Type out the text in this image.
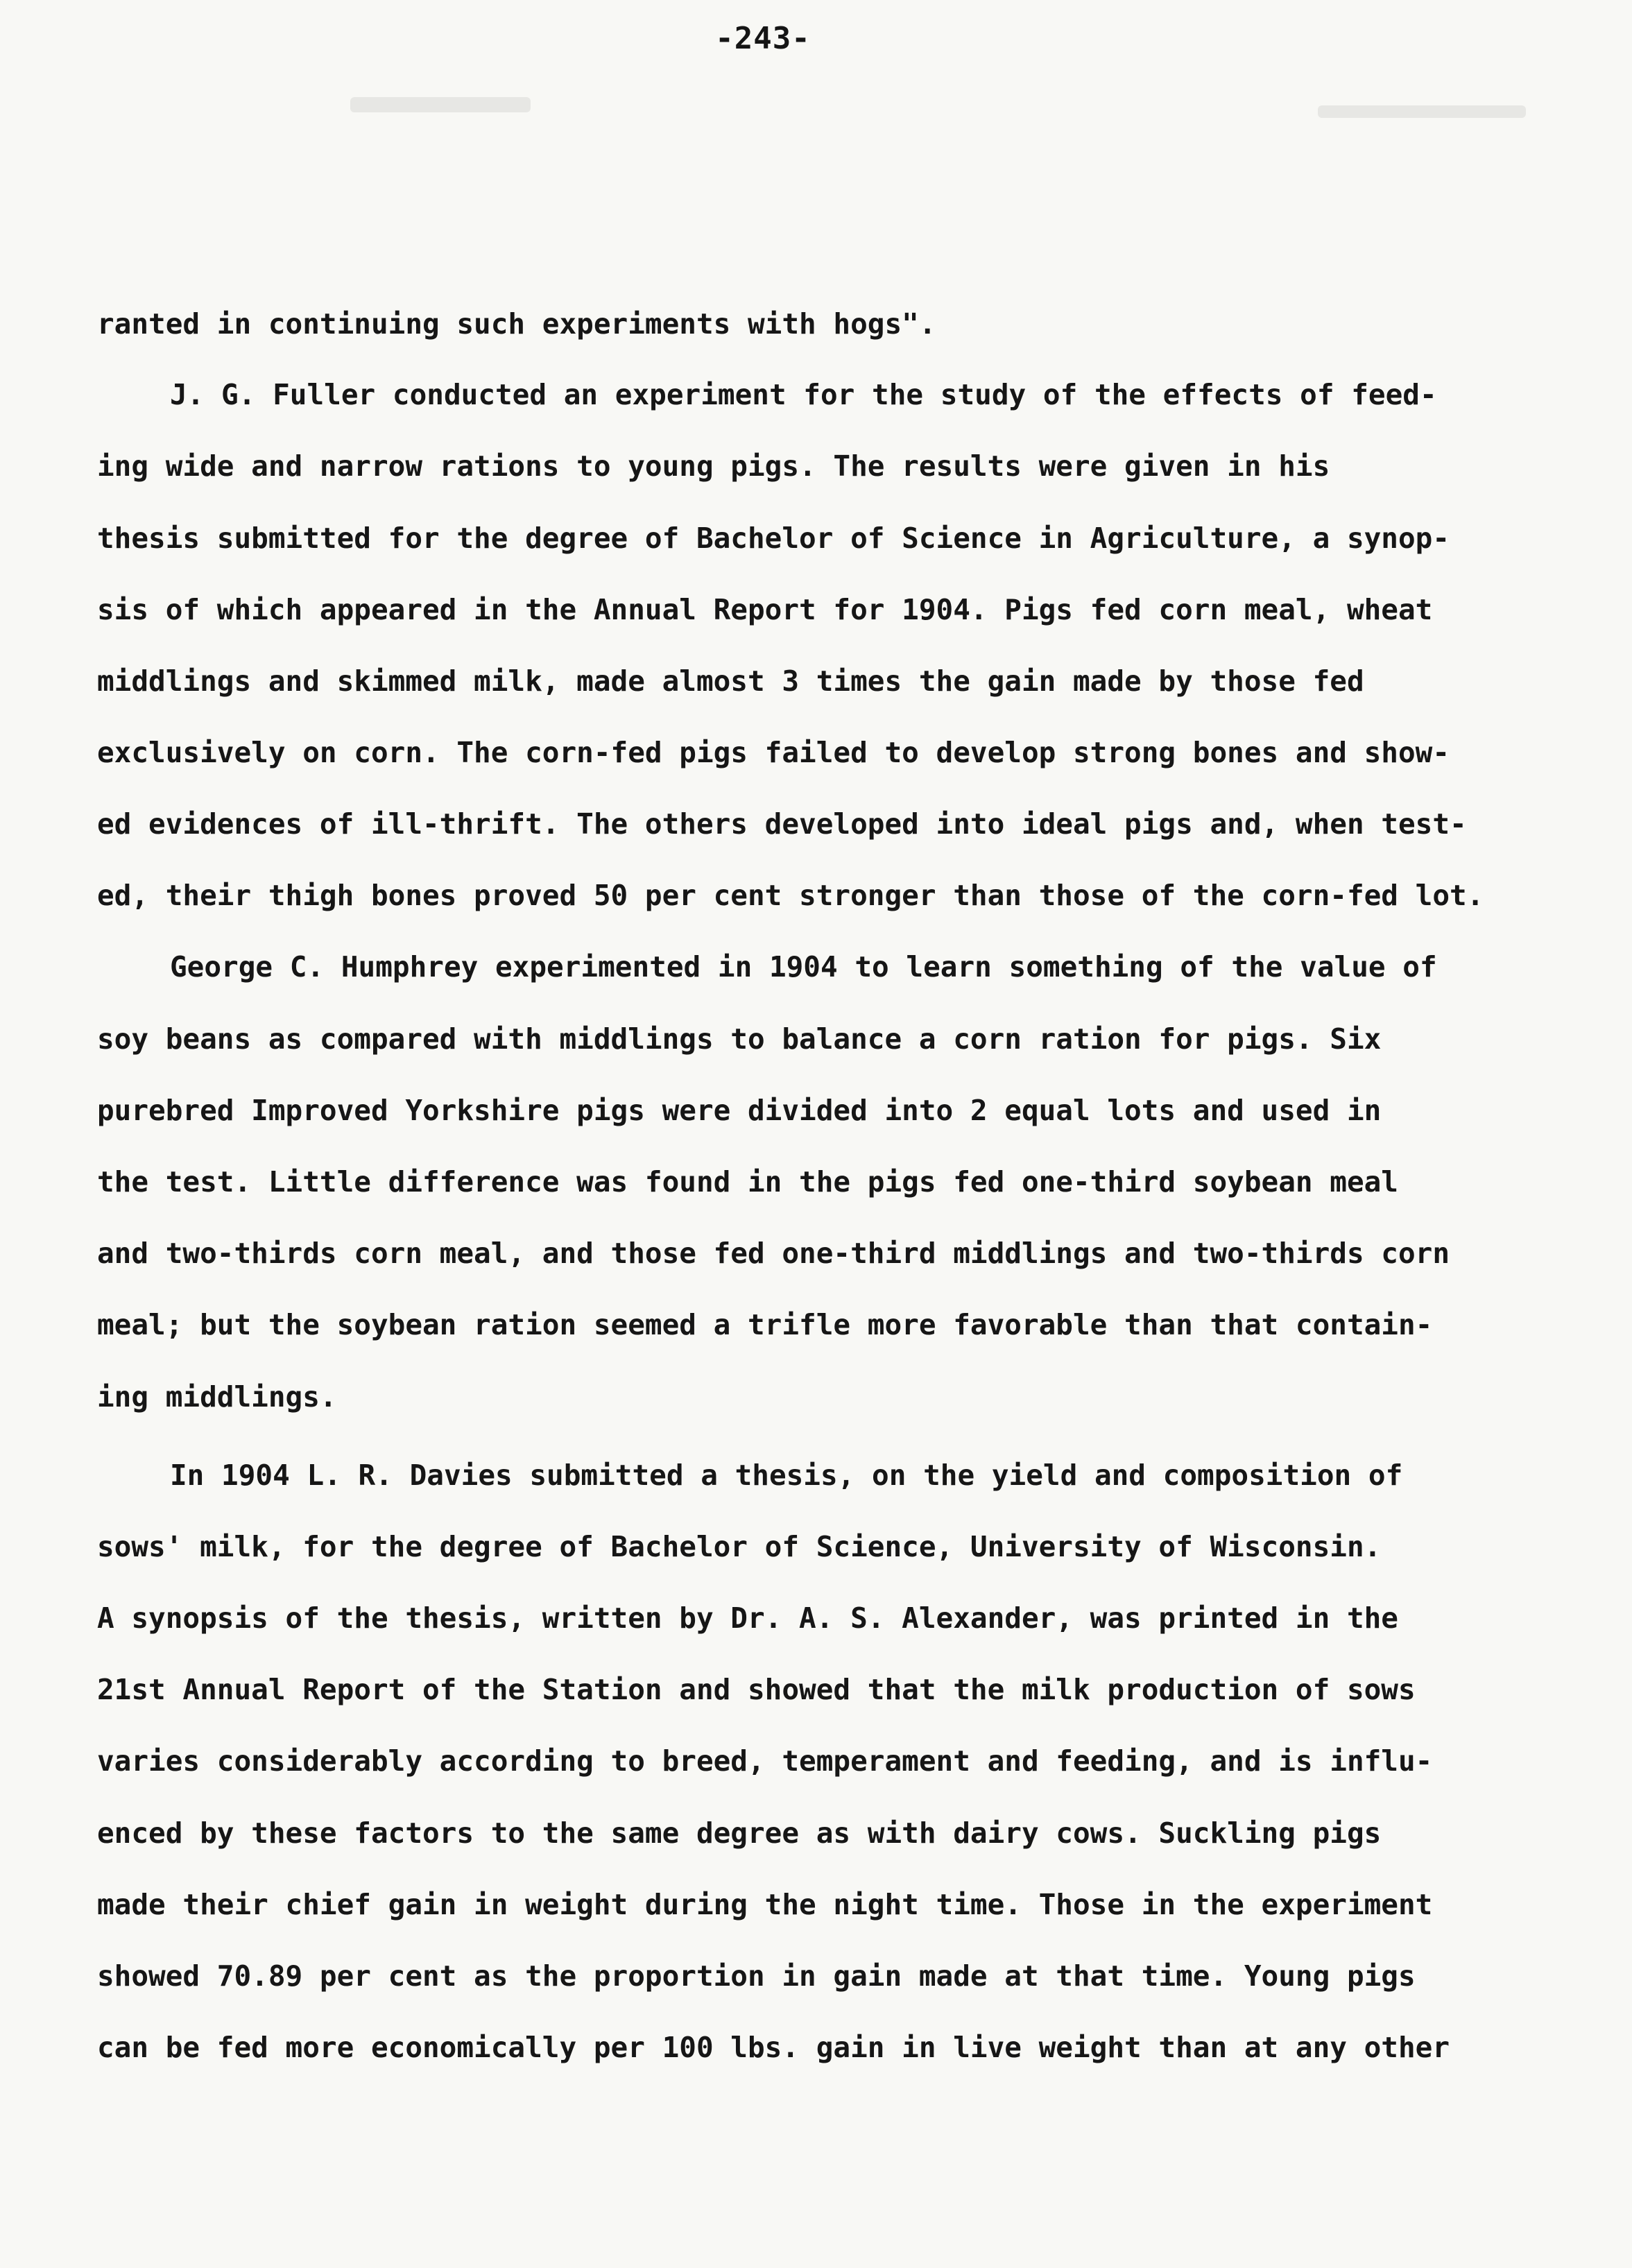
-243-

ranted in continuing such experiments with hogs".

J. G. Fuller conducted an experiment for the study of the effects of feed-

ing wide and narrow rations to young pigs. The results were given in his

thesis submitted for the degree of Bachelor of Science in Agriculture, a synop-

sis of which appeared in the Annual Report for 1904. Pigs fed corn meal, wheat

middlings and skimmed milk, made almost 3 times the gain made by those fed

exclusively on corn. The corn-fed pigs failed to develop strong bones and show-

ed evidences of ill-thrift. The others developed into ideal pigs and, when test-

ed, their thigh bones proved 50 per cent stronger than those of the corn-fed lot.

George C. Humphrey experimented in 1904 to learn something of the value of

soy beans as compared with middlings to balance a corn ration for pigs. Six

purebred Improved Yorkshire pigs were divided into 2 equal lots and used in

the test. Little difference was found in the pigs fed one-third soybean meal

and two-thirds corn meal, and those fed one-third middlings and two-thirds corn

meal; but the soybean ration seemed a trifle more favorable than that contain-

ing middlings.

In 1904 L. R. Davies submitted a thesis, on the yield and composition of

sows' milk, for the degree of Bachelor of Science, University of Wisconsin.

A synopsis of the thesis, written by Dr. A. S. Alexander, was printed in the

21st Annual Report of the Station and showed that the milk production of sows

varies considerably according to breed, temperament and feeding, and is influ-

enced by these factors to the same degree as with dairy cows. Suckling pigs

made their chief gain in weight during the night time. Those in the experiment

showed 70.89 per cent as the proportion in gain made at that time. Young pigs

can be fed more economically per 100 lbs. gain in live weight than at any other
